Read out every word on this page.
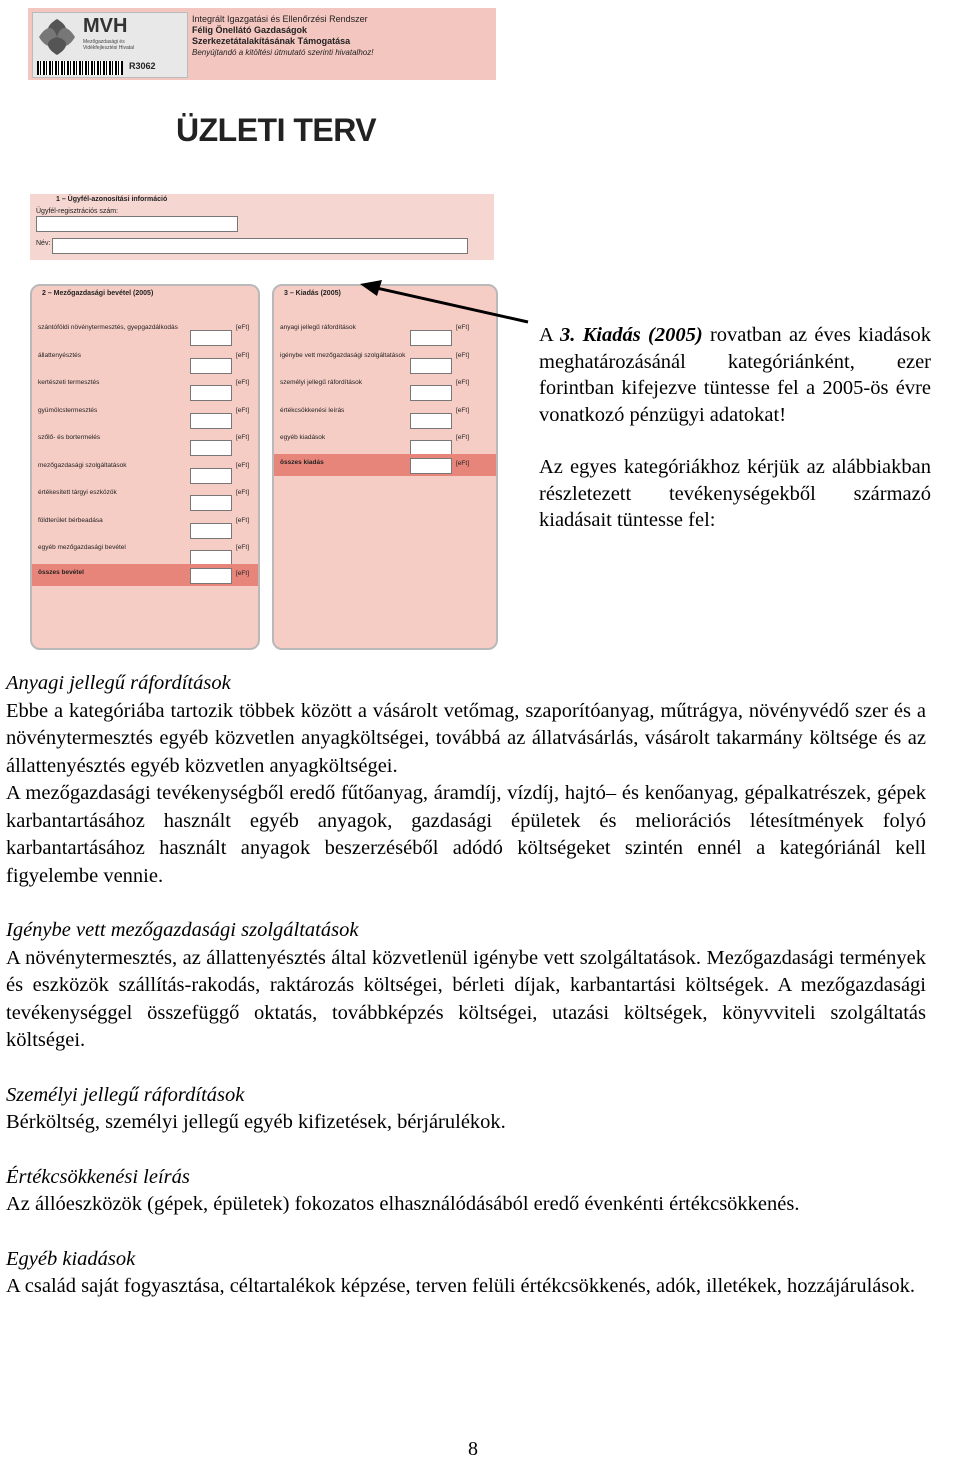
MVH
Mezőgazdasági és Vidékfejlesztési Hivatal
R3062
Integrált Igazgatási és Ellenőrzési Rendszer
Félig Önellátó Gazdaságok
Szerkezetátalakításának Támogatása
Benyújtandó a kitöltési útmutató szerinti hivatalhoz!
ÜZLETI TERV
1 – Ügyfél-azonosítási információ
Ügyfél-regisztrációs szám:
Név:
2 – Mezőgazdasági bevétel (2005)
szántóföldi növénytermesztés, gyepgazdálkodás	[eFt]
állattenyésztés	[eFt]
kertészeti termesztés	[eFt]
gyümölcstermesztés	[eFt]
szőlő- és bortermelés	[eFt]
mezőgazdasági szolgáltatások	[eFt]
értékesített tárgyi eszközök	[eFt]
földterület bérbeadása	[eFt]
egyéb mezőgazdasági bevétel	[eFt]
összes bevétel	[eFt]
3 – Kiadás (2005)
anyagi jellegű ráfordítások	[eFt]
igénybe vett mezőgazdasági szolgáltatások	[eFt]
személyi jellegű ráfordítások	[eFt]
értékcsökkenési leírás	[eFt]
egyéb kiadások	[eFt]
összes kiadás	[eFt]

A 3. Kiadás (2005) rovatban az éves kiadások meghatározásánál kategóriánként, ezer forintban kifejezve tüntesse fel a 2005-ös évre vonatkozó pénzügyi adatokat!

Az egyes kategóriákhoz kérjük az alábbiakban részletezett tevékenységekből származó kiadásait tüntesse fel:

Anyagi jellegű ráfordítások

Ebbe a kategóriába tartozik többek között a vásárolt vetőmag, szaporítóanyag, műtrágya, növényvédő szer és a növénytermesztés egyéb közvetlen anyagköltségei, továbbá az állatvásárlás, vásárolt takarmány költsége és az állattenyésztés egyéb közvetlen anyagköltségei.

A mezőgazdasági tevékenységből eredő fűtőanyag, áramdíj, vízdíj, hajtó– és kenőanyag, gépalkatrészek, gépek karbantartásához használt egyéb anyagok, gazdasági épületek és meliorációs létesítmények folyó karbantartásához használt anyagok beszerzéséből adódó költségeket szintén ennél a kategóriánál kell figyelembe vennie.

Igénybe vett mezőgazdasági szolgáltatások

A növénytermesztés, az állattenyésztés által közvetlenül igénybe vett szolgáltatások. Mezőgazdasági termények és eszközök szállítás-rakodás, raktározás költségei, bérleti díjak, karbantartási költségek. A mezőgazdasági tevékenységgel összefüggő oktatás, továbbképzés költségei, utazási költségek, könyvviteli szolgáltatás költségei.

Személyi jellegű ráfordítások

Bérköltség, személyi jellegű egyéb kifizetések, bérjárulékok.

Értékcsökkenési leírás

Az állóeszközök (gépek, épületek) fokozatos elhasználódásából eredő évenkénti értékcsökkenés.

Egyéb kiadások

A család saját fogyasztása, céltartalékok képzése, terven felüli értékcsökkenés, adók, illetékek, hozzájárulások.

8
